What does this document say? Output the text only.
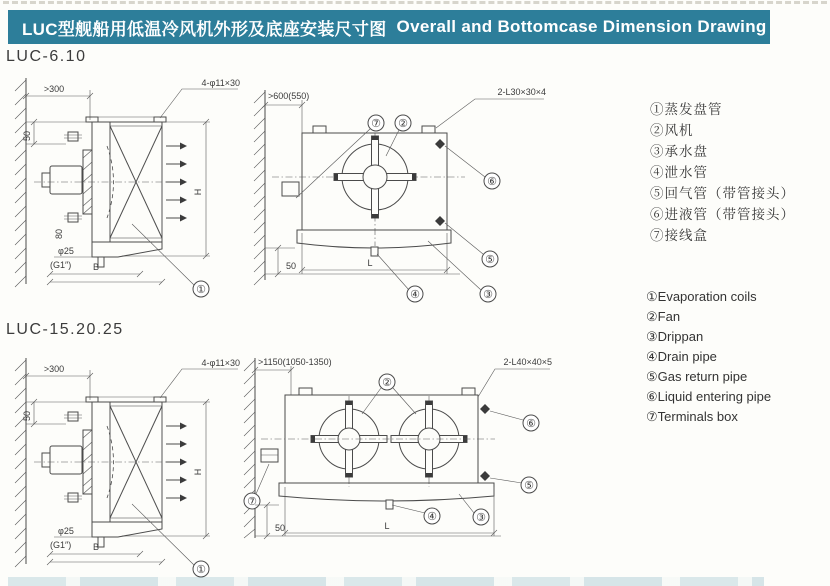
LUC型舰船用低温冷风机外形及底座安装尺寸图 Overall and Bottomcase Dimension Drawing
LUC-6.10
LUC-15.20.25
>300
4-φ11×30
50
80
H
φ25
(G1″) B
①
>600(550)	2-L30×30×4
⑦ ②
⑥
⑤
④	③
50	L
①蒸发盘管
②风机
③承水盘
④泄水管
⑤回气管（带管接头）
⑥进液管（带管接头）
⑦接线盒
①Evaporation coils
②Fan
③Drippan
④Drain pipe
⑤Gas return pipe
⑥Liquid entering pipe
⑦Terminals box
>300
4-φ11×30
50
H
φ25
(G1″) B
①
>1150(1050-1350)	2-L40×40×5
②
⑥
⑤
⑦
④	③
50	L
